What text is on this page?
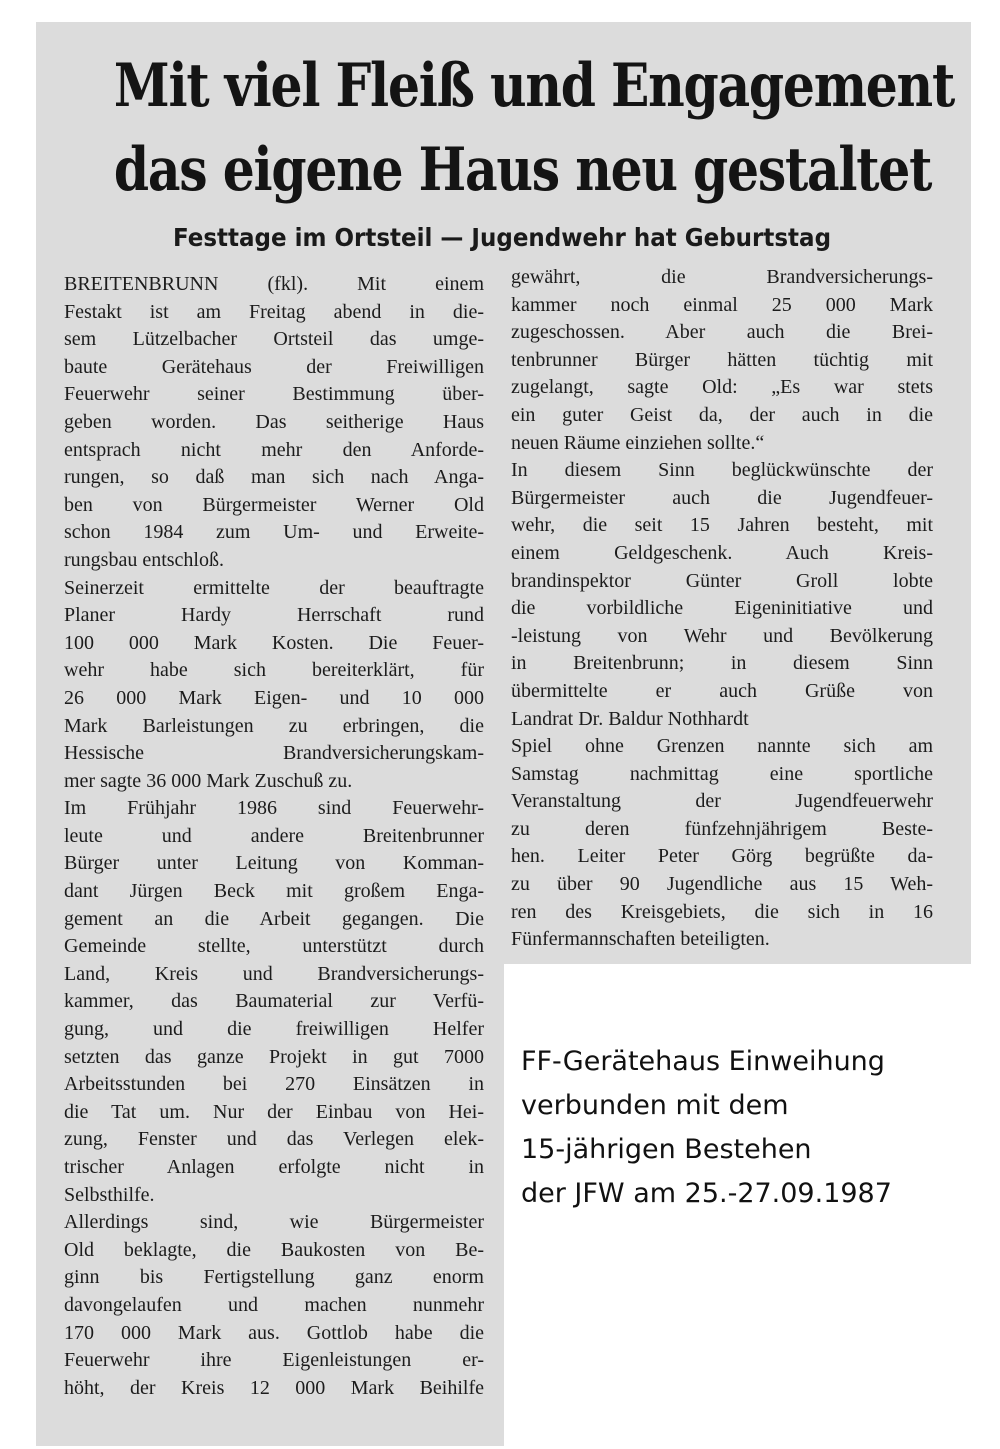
Mit viel Fleiß und Engagement
das eigene Haus neu gestaltet
Festtage im Ortsteil — Jugendwehr hat Geburtstag
BREITENBRUNN (fkl). Mit einem
Festakt ist am Freitag abend in die-
sem Lützelbacher Ortsteil das umge-
baute Gerätehaus der Freiwilligen
Feuerwehr seiner Bestimmung über-
geben worden. Das seitherige Haus
entsprach nicht mehr den Anforde-
rungen, so daß man sich nach Anga-
ben von Bürgermeister Werner Old
schon 1984 zum Um- und Erweite-
rungsbau entschloß.
Seinerzeit ermittelte der beauftragte
Planer Hardy Herrschaft rund
100 000 Mark Kosten. Die Feuer-
wehr habe sich bereiterklärt, für
26 000 Mark Eigen- und 10 000
Mark Barleistungen zu erbringen, die
Hessische Brandversicherungskam-
mer sagte 36 000 Mark Zuschuß zu.
Im Frühjahr 1986 sind Feuerwehr-
leute und andere Breitenbrunner
Bürger unter Leitung von Komman-
dant Jürgen Beck mit großem Enga-
gement an die Arbeit gegangen. Die
Gemeinde stellte, unterstützt durch
Land, Kreis und Brandversicherungs-
kammer, das Baumaterial zur Verfü-
gung, und die freiwilligen Helfer
setzten das ganze Projekt in gut 7000
Arbeitsstunden bei 270 Einsätzen in
die Tat um. Nur der Einbau von Hei-
zung, Fenster und das Verlegen elek-
trischer Anlagen erfolgte nicht in
Selbsthilfe.
Allerdings sind, wie Bürgermeister
Old beklagte, die Baukosten von Be-
ginn bis Fertigstellung ganz enorm
davongelaufen und machen nunmehr
170 000 Mark aus. Gottlob habe die
Feuerwehr ihre Eigenleistungen er-
höht, der Kreis 12 000 Mark Beihilfe
gewährt, die Brandversicherungs-
kammer noch einmal 25 000 Mark
zugeschossen. Aber auch die Brei-
tenbrunner Bürger hätten tüchtig mit
zugelangt, sagte Old: „Es war stets
ein guter Geist da, der auch in die
neuen Räume einziehen sollte.“
In diesem Sinn beglückwünschte der
Bürgermeister auch die Jugendfeuer-
wehr, die seit 15 Jahren besteht, mit
einem Geldgeschenk. Auch Kreis-
brandinspektor Günter Groll lobte
die vorbildliche Eigeninitiative und
-leistung von Wehr und Bevölkerung
in Breitenbrunn; in diesem Sinn
übermittelte er auch Grüße von
Landrat Dr. Baldur Nothhardt
Spiel ohne Grenzen nannte sich am
Samstag nachmittag eine sportliche
Veranstaltung der Jugendfeuerwehr
zu deren fünfzehnjährigem Beste-
hen. Leiter Peter Görg begrüßte da-
zu über 90 Jugendliche aus 15 Weh-
ren des Kreisgebiets, die sich in 16
Fünfermannschaften beteiligten.
FF-Gerätehaus Einweihung
verbunden mit dem
15-jährigen Bestehen
der JFW am 25.-27.09.1987
